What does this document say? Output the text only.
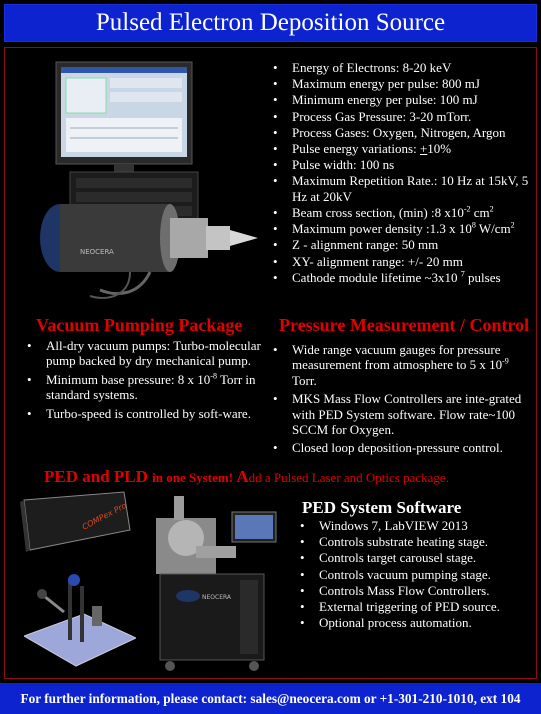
Pulsed Electron Deposition Source
NEOCERA
• Energy of Electrons: 8-20 keV
• Maximum energy per pulse: 800 mJ
• Minimum energy per pulse: 100 mJ
• Process Gas Pressure: 3-20 mTorr.
• Process Gases: Oxygen, Nitrogen, Argon
• Pulse energy variations: +10%
• Pulse width: 100 ns
• Maximum Repetition Rate.: 10 Hz at 15kV, 5 Hz at 20kV
• Beam cross section, (min) :8 $x10^{-2}$ $cm^2$
• Maximum power density :1.3 x $10^8$ $W/cm^2$
• Z - alignment range: 50 mm
• XY- alignment range: +/- 20 mm
• Cathode module lifetime ~3x10 $^7$ pulses
Vacuum Pumping Package Pressure Measurement / Control
• All-dry vacuum pumps: Turbo-molecular pump backed by dry mechanical pump.
• Minimum base pressure: 8 x $10^{-8}$ Torr in standard systems.
• Turbo-speed is controlled by soft-ware.
• Wide range vacuum gauges for pressure measurement from atmosphere to 5 x $10^{-9}$ Torr.
• MKS Mass Flow Controllers are inte-grated with PED System software. Flow rate~100 SCCM for Oxygen.
• Closed loop deposition-pressure control.
PED and PLD in one System! Add a Pulsed Laser and Optics package.
COMPex Pro
NEOCERA
PED System Software
• Windows 7, LabVIEW 2013
• Controls substrate heating stage.
• Controls target carousel stage.
• Controls vacuum pumping stage.
• Controls Mass Flow Controllers.
• External triggering of PED source.
• Optional process automation.
For further information, please contact: sales@neocera.com or +1-301-210-1010, ext 104
